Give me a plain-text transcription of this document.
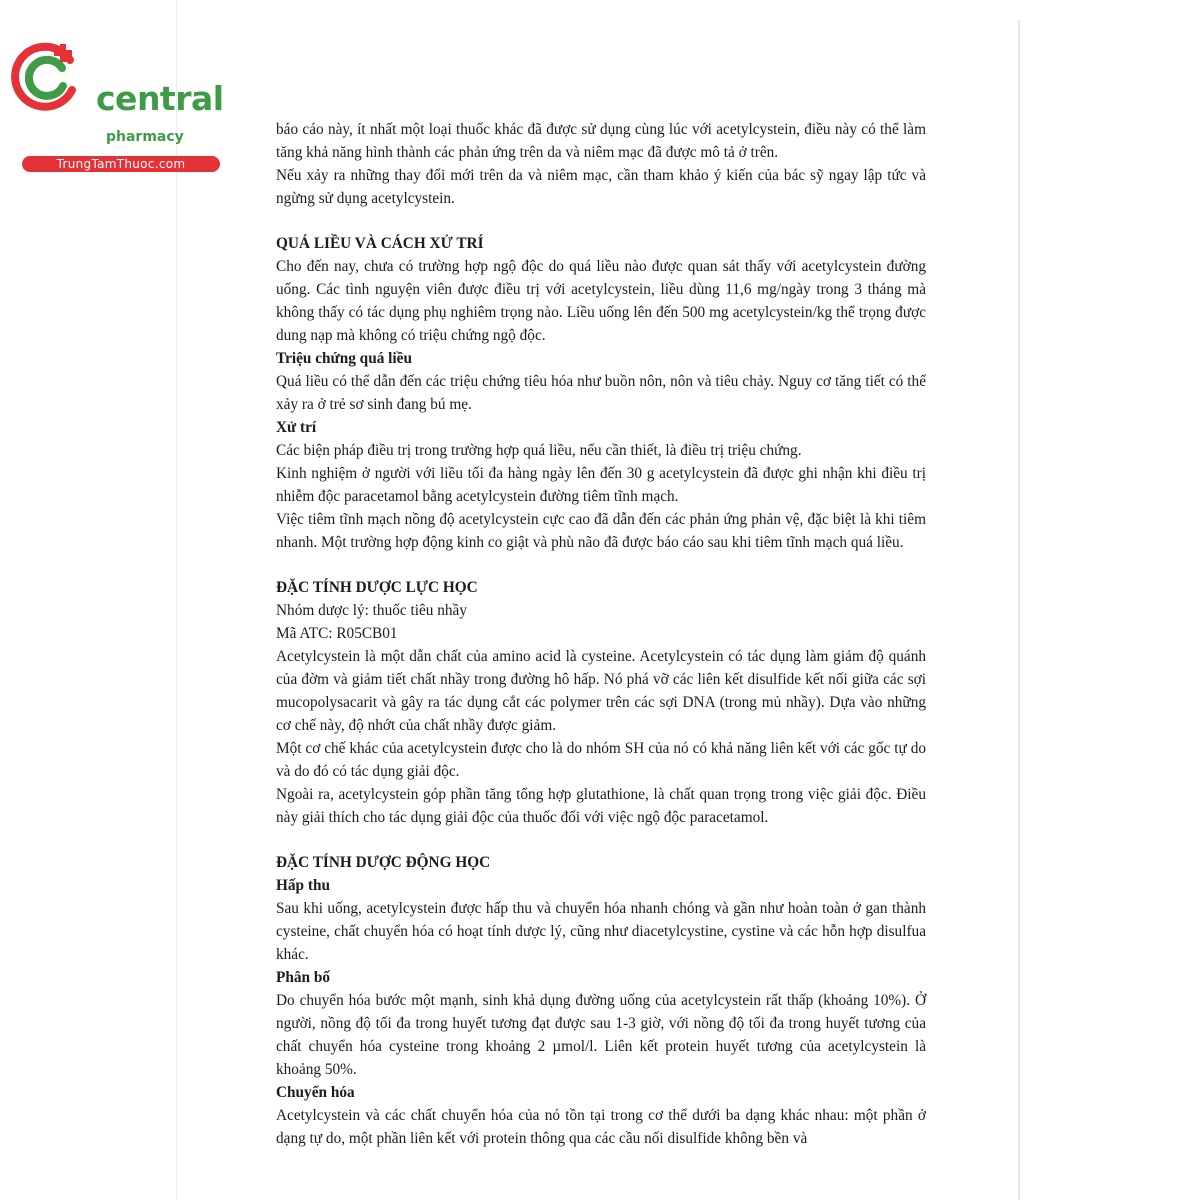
central
pharmacy
TrungTamThuoc.com

báo cáo này, ít nhất một loại thuốc khác đã được sử dụng cùng lúc với acetylcystein, điều này có thể làm tăng khả năng hình thành các phản ứng trên da và niêm mạc đã được mô tả ở trên.

Nếu xảy ra những thay đổi mới trên da và niêm mạc, cần tham khảo ý kiến của bác sỹ ngay lập tức và ngừng sử dụng acetylcystein.

QUÁ LIỀU VÀ CÁCH XỬ TRÍ

Cho đến nay, chưa có trường hợp ngộ độc do quá liều nào được quan sát thấy với acetylcystein đường uống. Các tình nguyện viên được điều trị với acetylcystein, liều dùng 11,6 mg/ngày trong 3 tháng mà không thấy có tác dụng phụ nghiêm trọng nào. Liều uống lên đến 500 mg acetylcystein/kg thể trọng được dung nạp mà không có triệu chứng ngộ độc.

Triệu chứng quá liều

Quá liều có thể dẫn đến các triệu chứng tiêu hóa như buồn nôn, nôn và tiêu chảy. Nguy cơ tăng tiết có thể xảy ra ở trẻ sơ sinh đang bú mẹ.

Xử trí

Các biện pháp điều trị trong trường hợp quá liều, nếu cần thiết, là điều trị triệu chứng.

Kinh nghiệm ở người với liều tối đa hàng ngày lên đến 30 g acetylcystein đã được ghi nhận khi điều trị nhiễm độc paracetamol bằng acetylcystein đường tiêm tĩnh mạch.

Việc tiêm tĩnh mạch nồng độ acetylcystein cực cao đã dẫn đến các phản ứng phản vệ, đặc biệt là khi tiêm nhanh. Một trường hợp động kinh co giật và phù não đã được báo cáo sau khi tiêm tĩnh mạch quá liều.

ĐẶC TÍNH DƯỢC LỰC HỌC

Nhóm dược lý: thuốc tiêu nhầy

Mã ATC: R05CB01

Acetylcystein là một dẫn chất của amino acid là cysteine. Acetylcystein có tác dụng làm giảm độ quánh của đờm và giảm tiết chất nhầy trong đường hô hấp. Nó phá vỡ các liên kết disulfide kết nối giữa các sợi mucopolysacarit và gây ra tác dụng cắt các polymer trên các sợi DNA (trong mủ nhầy). Dựa vào những cơ chế này, độ nhớt của chất nhầy được giảm.

Một cơ chế khác của acetylcystein được cho là do nhóm SH của nó có khả năng liên kết với các gốc tự do và do đó có tác dụng giải độc.

Ngoài ra, acetylcystein góp phần tăng tổng hợp glutathione, là chất quan trọng trong việc giải độc. Điều này giải thích cho tác dụng giải độc của thuốc đối với việc ngộ độc paracetamol.

ĐẶC TÍNH DƯỢC ĐỘNG HỌC
Hấp thu

Sau khi uống, acetylcystein được hấp thu và chuyển hóa nhanh chóng và gần như hoàn toàn ở gan thành cysteine, chất chuyển hóa có hoạt tính dược lý, cũng như diacetylcystine, cystine và các hỗn hợp disulfua khác.

Phân bố

Do chuyển hóa bước một mạnh, sinh khả dụng đường uống của acetylcystein rất thấp (khoảng 10%). Ở người, nồng độ tối đa trong huyết tương đạt được sau 1-3 giờ, với nồng độ tối đa trong huyết tương của chất chuyển hóa cysteine trong khoảng 2 µmol/l. Liên kết protein huyết tương của acetylcystein là khoảng 50%.

Chuyển hóa

Acetylcystein và các chất chuyển hóa của nó tồn tại trong cơ thể dưới ba dạng khác nhau: một phần ở dạng tự do, một phần liên kết với protein thông qua các cầu nối disulfide không bền và
